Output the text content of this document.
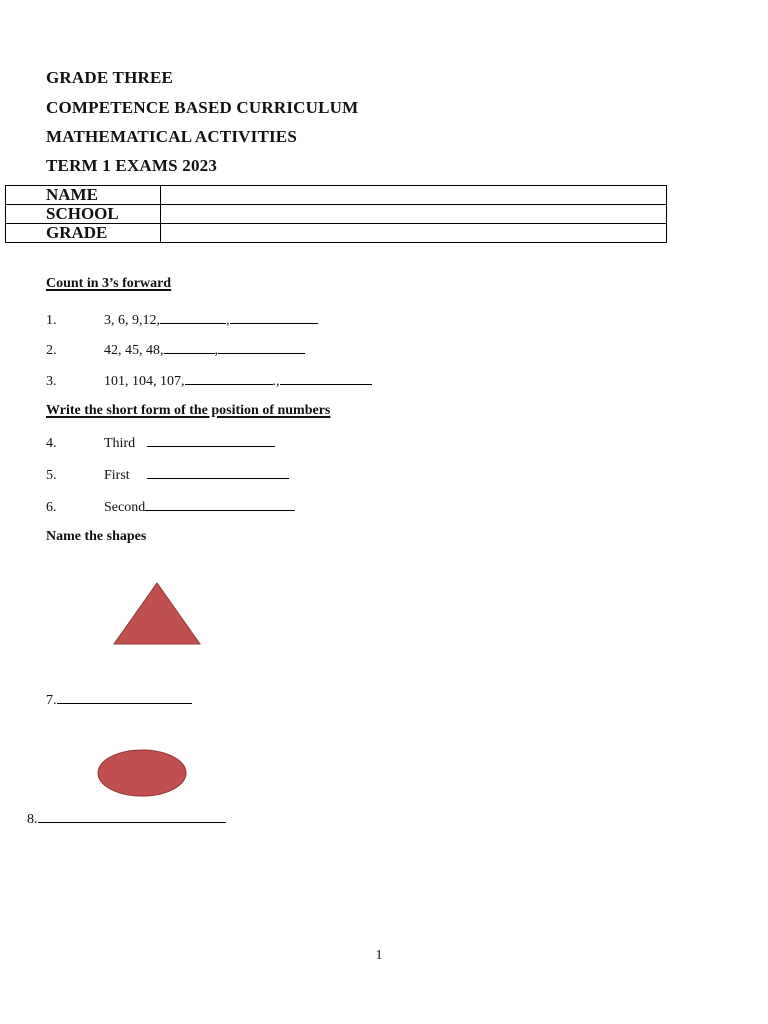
GRADE THREE
COMPETENCE BASED CURRICULUM
MATHEMATICAL ACTIVITIES
TERM 1 EXAMS 2023
NAME	
SCHOOL	
GRADE	
Count in 3’s forward
1.	3, 6, 9,12,	,
2.	42, 45, 48,	,
3.	101, 104, 107,	.,
Write the short form of the position of numbers
4.	Third
5.	First
6.	Second
Name the shapes
7.
8.
1
